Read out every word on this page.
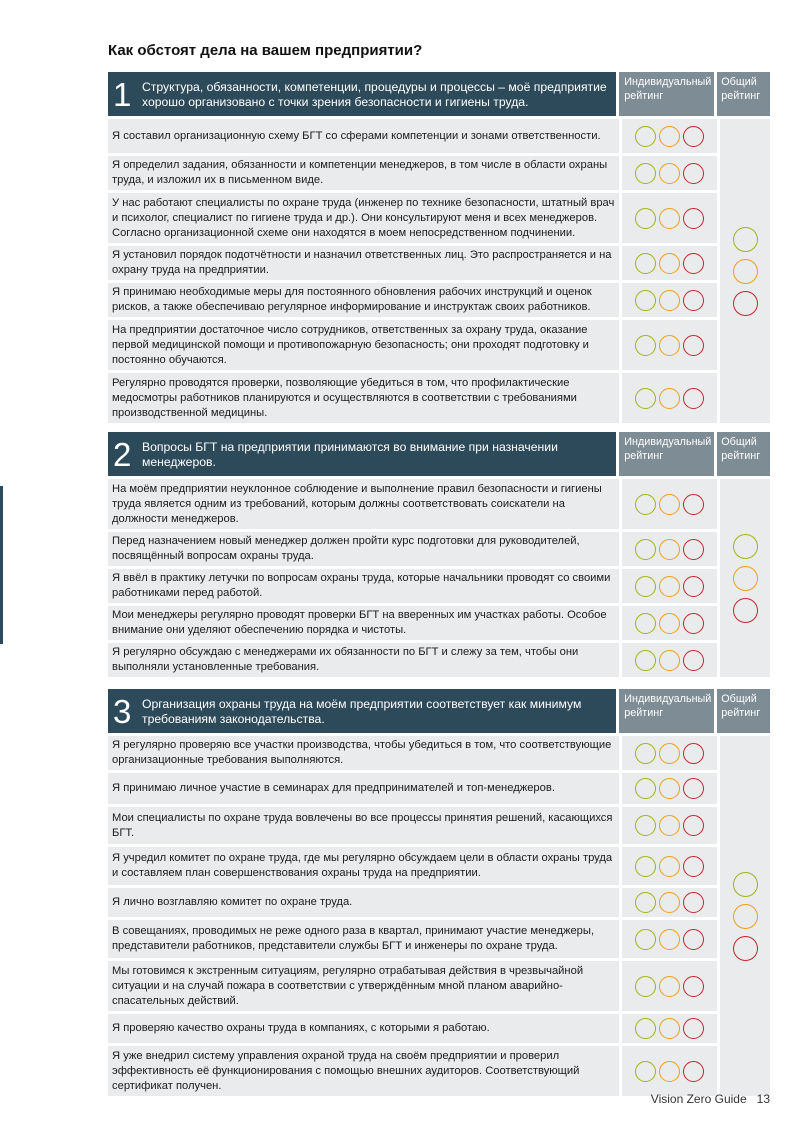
Как обстоят дела на вашем предприятии?
1 Структура, обязанности, компетенции, процедуры и процессы – моё предприятие хорошо организовано с точки зрения безопасности и гигиены труда.
Индивидуальный рейтинг
Общий рейтинг
Я составил организационную схему БГТ со сферами компетенции и зонами ответственности.
Я определил задания, обязанности и компетенции менеджеров, в том числе в области охраны труда, и изложил их в письменном виде.
У нас работают специалисты по охране труда (инженер по технике безопасности, штатный врач и психолог, специалист по гигиене труда и др.). Они консультируют меня и всех менеджеров. Согласно организационной схеме они находятся в моем непосредственном подчинении.
Я установил порядок подотчётности и назначил ответственных лиц. Это распространяется и на охрану труда на предприятии.
Я принимаю необходимые меры для постоянного обновления рабочих инструкций и оценок рисков, а также обеспечиваю регулярное информирование и инструктаж своих работников.
На предприятии достаточное число сотрудников, ответственных за охрану труда, оказание первой медицинской помощи и противопожарную безопасность; они проходят подготовку и постоянно обучаются.
Регулярно проводятся проверки, позволяющие убедиться в том, что профилактические медосмотры работников планируются и осуществляются в соответствии с требованиями производственной медицины.
2 Вопросы БГТ на предприятии принимаются во внимание при назначении менеджеров.
Индивидуальный рейтинг
Общий рейтинг
На моём предприятии неуклонное соблюдение и выполнение правил безопасности и гигиены труда является одним из требований, которым должны соответствовать соискатели на должности менеджеров.
Перед назначением новый менеджер должен пройти курс подготовки для руководителей, посвящённый вопросам охраны труда.
Я ввёл в практику летучки по вопросам охраны труда, которые начальники проводят со своими работниками перед работой.
Мои менеджеры регулярно проводят проверки БГТ на вверенных им участках работы. Особое внимание они уделяют обеспечению порядка и чистоты.
Я регулярно обсуждаю с менеджерами их обязанности по БГТ и слежу за тем, чтобы они выполняли установленные требования.
3 Организация охраны труда на моём предприятии соответствует как минимум требованиям законодательства.
Индивидуальный рейтинг
Общий рейтинг
Я регулярно проверяю все участки производства, чтобы убедиться в том, что соответствующие организационные требования выполняются.
Я принимаю личное участие в семинарах для предпринимателей и топ-менеджеров.
Мои специалисты по охране труда вовлечены во все процессы принятия решений, касающихся БГТ.
Я учредил комитет по охране труда, где мы регулярно обсуждаем цели в области охраны труда и составляем план совершенствования охраны труда на предприятии.
Я лично возглавляю комитет по охране труда.
В совещаниях, проводимых не реже одного раза в квартал, принимают участие менеджеры, представители работников, представители службы БГТ и инженеры по охране труда.
Мы готовимся к экстренным ситуациям, регулярно отрабатывая действия в чрезвычайной ситуации и на случай пожара в соответствии с утверждённым мной планом аварийно-спасательных действий.
Я проверяю качество охраны труда в компаниях, с которыми я работаю.
Я уже внедрил систему управления охраной труда на своём предприятии и проверил эффективность её функционирования с помощью внешних аудиторов. Соответствующий сертификат получен.
Vision Zero Guide 13
